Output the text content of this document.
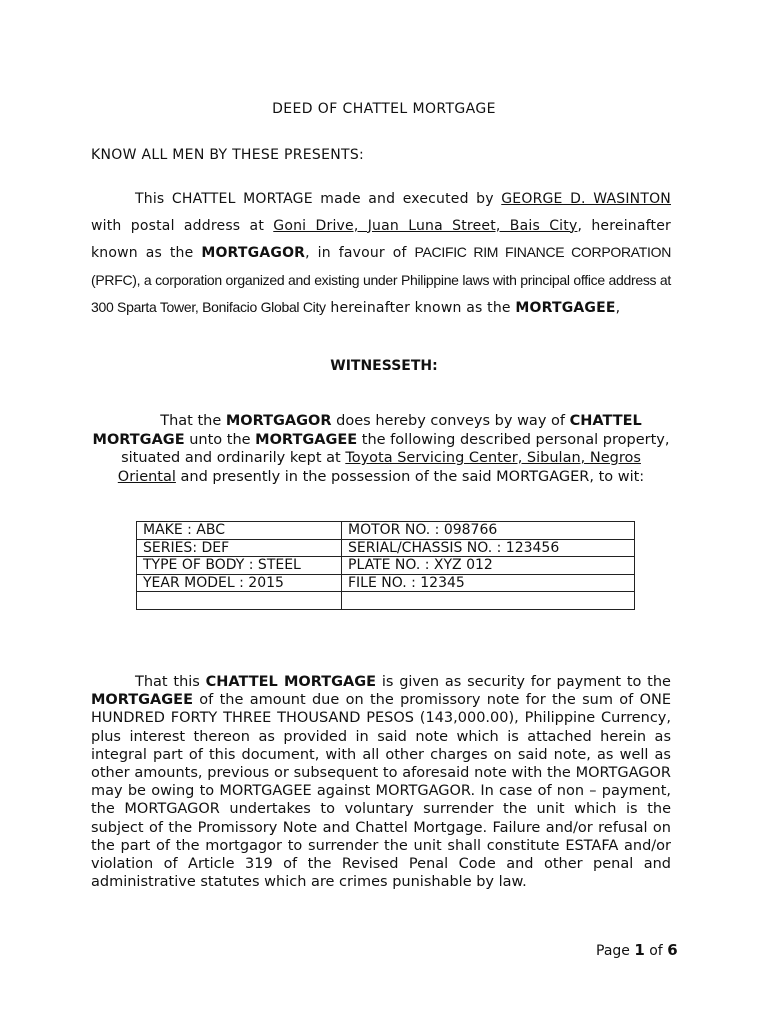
DEED OF CHATTEL MORTGAGE
KNOW ALL MEN BY THESE PRESENTS:
This CHATTEL MORTAGE made and executed by GEORGE D. WASINTON with postal address at Goni Drive, Juan Luna Street, Bais City, hereinafter known as the MORTGAGOR, in favour of PACIFIC RIM FINANCE CORPORATION (PRFC), a corporation organized and existing under Philippine laws with principal office address at 300 Sparta Tower, Bonifacio Global City hereinafter known as the MORTGAGEE,
WITNESSETH:
That the MORTGAGOR does hereby conveys by way of CHATTEL MORTGAGE unto the MORTGAGEE the following described personal property, situated and ordinarily kept at Toyota Servicing Center, Sibulan, Negros Oriental and presently in the possession of the said MORTGAGER, to wit:
MAKE : ABC	MOTOR NO. : 098766
SERIES: DEF	SERIAL/CHASSIS NO. : 123456
TYPE OF BODY : STEEL	PLATE NO. : XYZ 012
YEAR MODEL : 2015	FILE NO. : 12345

That this CHATTEL MORTGAGE is given as security for payment to the MORTGAGEE of the amount due on the promissory note for the sum of ONE HUNDRED FORTY THREE THOUSAND PESOS (143,000.00), Philippine Currency, plus interest thereon as provided in said note which is attached herein as integral part of this document, with all other charges on said note, as well as other amounts, previous or subsequent to aforesaid note with the MORTGAGOR may be owing to MORTGAGEE against MORTGAGOR. In case of non – payment, the MORTGAGOR undertakes to voluntary surrender the unit which is the subject of the Promissory Note and Chattel Mortgage. Failure and/or refusal on the part of the mortgagor to surrender the unit shall constitute ESTAFA and/or violation of Article 319 of the Revised Penal Code and other penal and administrative statutes which are crimes punishable by law.
Page 1 of 6
